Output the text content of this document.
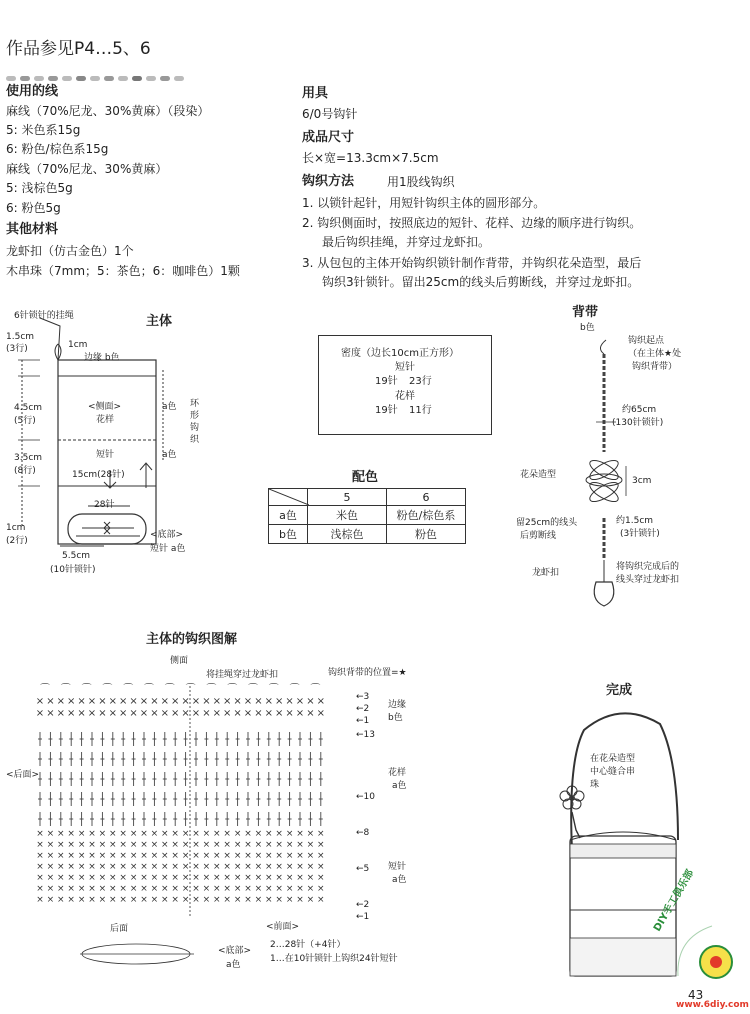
作品参见P4…5、6
使用的线
麻线（70%尼龙、30%黄麻）（段染）
5: 米色系15g
6: 粉色/棕色系15g
麻线（70%尼龙、30%黄麻）
5: 浅棕色5g
6: 粉色5g
其他材料
龙虾扣（仿古金色）1个
木串珠（7mm；5：茶色；6：咖啡色）1颗
用具
6/0号钩针
成品尺寸
长×宽=13.3cm×7.5cm
钩织方法	用1股线钩织
1. 以锁针起针，用短针钩织主体的圆形部分。
2. 钩织侧面时，按照底边的短针、花样、边缘的顺序进行钩织。
最后钩织挂绳，并穿过龙虾扣。
3. 从包包的主体开始钩织锁针制作背带，并钩织花朵造型，最后
钩织3针锁针。留出25cm的线头后剪断线，并穿过龙虾扣。
密度（边长10cm正方形）
短针
19针 23行
花样
19针 11行
配色
	5	6
a色	米色	粉色/棕色系
b色	浅棕色	粉色
主体
6针锁针的挂绳
1cm
边缘 b色
<侧面>
花样
a色 环形钩织
短针	a色
15cm(28针)
1.5cm
(3行)
4.5cm
(5行)
3.5cm
(8行)
1cm
(2行)
28针
<底部>
短针 a色
5.5cm
(10针锁针)
背带
b色
钩织起点
（在主体★处
钩织背带）
约65cm
(130针锁针)
花朵造型
3cm
留25cm的线头
后剪断线
约1.5cm
(3针锁针)
龙虾扣
将钩织完成后的
线头穿过龙虾扣
主体的钩织图解
侧面
将挂绳穿过龙虾扣	钩织背带的位置=★
⌒ ⌒ ⌒ ⌒ ⌒ ⌒ ⌒ ⌒ ⌒ ⌒ ⌒ ⌒ ⌒ ⌒
× × × × × × × × × × × × × × × × × × × × × × × × × × × ×
× × × × × × × × × × × × × × × × × × × × × × × × × × × ×
× × × × × × × × × × × × × × × × × × × × × × × × × × × ×
× × × × × × × × × × × × × × × × × × × × × × × × × × × ×
× × × × × × × × × × × × × × × × × × × × × × × × × × × ×
× × × × × × × × × × × × × × × × × × × × × × × × × × × ×
× × × × × × × × × × × × × × × × × × × × × × × × × × × ×
× × × × × × × × × × × × × × × × × × × × × × × × × × × ×
× × × × × × × × × × × × × × × × × × × × × × × × × × × ×
←3
←2
←1
←13
←10
←8
←5
←2
←1
边缘
b色
花样
a色
短针
a色
<后面>
后面	<前面>
<底部>
a色
2…28针（+4针）
1…在10针锁针上钩织24针短针
完成
在花朵造型
中心缝合串
珠
43
DIY手工俱乐部
www.6diy.com
